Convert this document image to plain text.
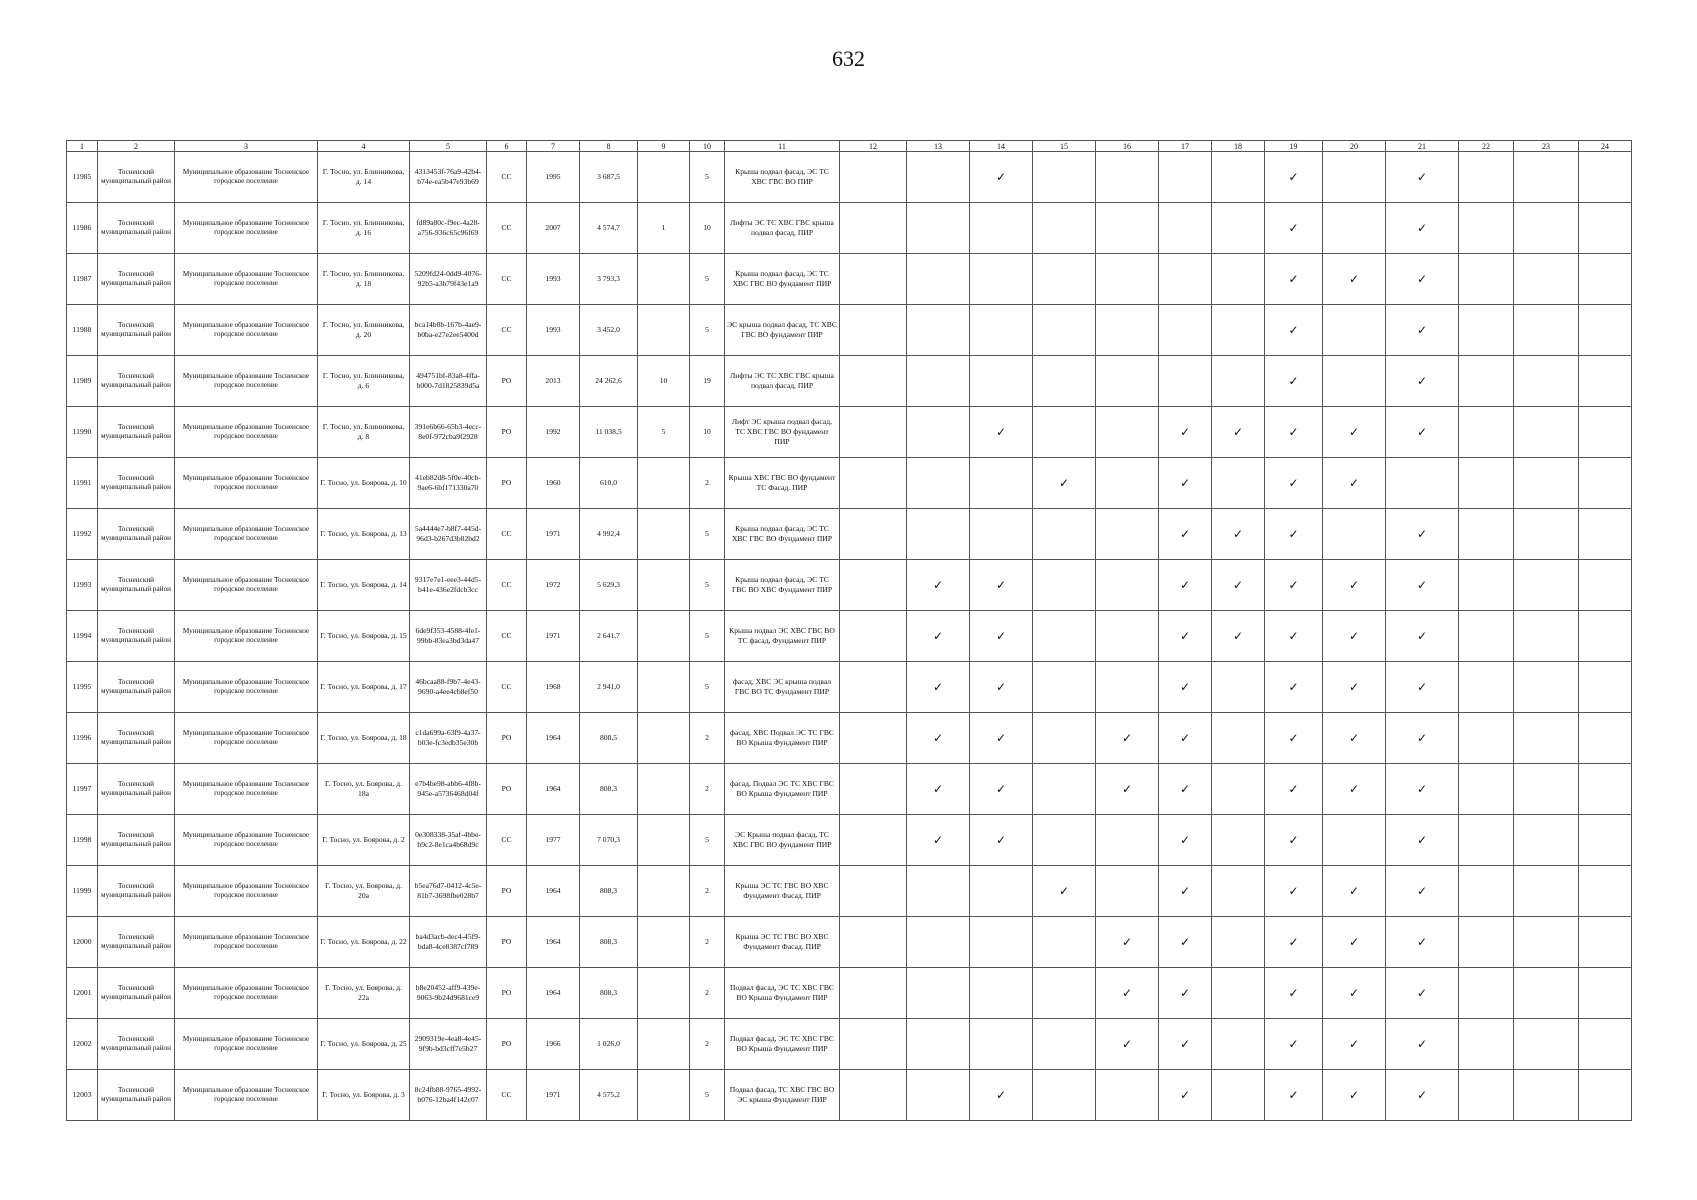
632
1	2	3	4	5	6	7	8	9	10	11	12	13	14	15	16	17	18	19	20	21	22	23	24
11985	Тосненский муниципальный район	Муниципальное образование Тосненское городское поселение	Г. Тосно, ул. Блинникова, д. 14	4313453f-76a9-42b4-b74e-ea5b47e93b69	СС	1995	3 687,5		5	Крыша подвал фасад, ЭС ТС ХВС ГВС ВО ПИР			✓					✓		✓			
11986	Тосненский муниципальный район	Муниципальное образование Тосненское городское поселение	Г. Тосно, ул. Блинникова, д. 16	fd89a80c-f9ec-4a28-a756-936c65c96f69	СС	2007	4 574,7	1	10	Лифты ЭС ТС ХВС ГВС крыша подвал фасад, ПИР								✓		✓			
11987	Тосненский муниципальный район	Муниципальное образование Тосненское городское поселение	Г. Тосно, ул. Блинникова, д. 18	5209fd24-0dd9-4076-92b5-a3b79f43e1a9	СС	1993	3 793,3		5	Крыша подвал фасад, ЭС ТС ХВС ГВС ВО фундамент ПИР								✓	✓	✓			
11988	Тосненский муниципальный район	Муниципальное образование Тосненское городское поселение	Г. Тосно, ул. Блинникова, д. 20	bca14b8b-167b-4ae9-b0ba-e27e2ee5400d	СС	1993	3 452,0		5	ЭС крыша подвал фасад, ТС ХВС ГВС ВО фундамент ПИР								✓		✓			
11989	Тосненский муниципальный район	Муниципальное образование Тосненское городское поселение	Г. Тосно, ул. Блинникова, д. 6	494751bf-83a8-4ffa-b000-7d1825839d5a	РО	2013	24 262,6	10	19	Лифты ЭС ТС ХВС ГВС крыша подвал фасад, ПИР								✓		✓			
11990	Тосненский муниципальный район	Муниципальное образование Тосненское городское поселение	Г. Тосно, ул. Блинникова, д. 8	391e6b66-65b3-4ecc-8e0f-972cba9f2928	РО	1992	11 038,5	5	10	Лифт ЭС крыша подвал фасад, ТС ХВС ГВС ВО фундамент ПИР			✓			✓	✓	✓	✓	✓			
11991	Тосненский муниципальный район	Муниципальное образование Тосненское городское поселение	Г. Тосно, ул. Боярова, д. 10	41eb82d8-5f0e-40cb-9ae6-6bf171330a70	РО	1960	610,0		2	Крыша ХВС ГВС ВО фундамент ТС Фасад. ПИР				✓		✓		✓	✓				
11992	Тосненский муниципальный район	Муниципальное образование Тосненское городское поселение	Г. Тосно, ул. Боярова, д. 13	5a4444e7-b8f7-445d-96d3-b267d3b82bd2	СС	1971	4 992,4		5	Крыша подвал фасад, ЭС ТС ХВС ГВС ВО Фундамент ПИР						✓	✓	✓		✓			
11993	Тосненский муниципальный район	Муниципальное образование Тосненское городское поселение	Г. Тосно, ул. Боярова, д. 14	9317e7e1-eee3-44d5-b41e-436e2fdcb3cc	СС	1972	5 629,3		5	Крыша подвал фасад, ЭС ТС ГВС ВО ХВС Фундамент ПИР		✓	✓			✓	✓	✓	✓	✓			
11994	Тосненский муниципальный район	Муниципальное образование Тосненское городское поселение	Г. Тосно, ул. Боярова, д. 15	6de9f353-4588-4fe1-99bb-83ea3bd3da47	СС	1971	2 641,7		5	Крыша подвал ЭС ХВС ГВС ВО ТС фасад, Фундамент ПИР		✓	✓			✓	✓	✓	✓	✓			
11995	Тосненский муниципальный район	Муниципальное образование Тосненское городское поселение	Г. Тосно, ул. Боярова, д. 17	46bcaa88-f9b7-4e43-9690-a4ee4cb8ef50	СС	1968	2 941,0		5	фасад, ХВС ЭС крыша подвал ГВС ВО ТС Фундамент ПИР		✓	✓			✓		✓	✓	✓			
11996	Тосненский муниципальный район	Муниципальное образование Тосненское городское поселение	Г. Тосно, ул. Боярова, д. 18	c1da699a-63f9-4a37-b03e-fc3edb35e30b	РО	1964	808,5		2	фасад, ХВС Подвал ЭС ТС ГВС ВО Крыша Фундамент ПИР		✓	✓		✓	✓		✓	✓	✓			
11997	Тосненский муниципальный район	Муниципальное образование Тосненское городское поселение	Г. Тосно, ул. Боярова, д. 18а	e7b4be98-abb6-4f8b-945e-a5736468d04f	РО	1964	808,3		2	фасад, Подвал ЭС ТС ХВС ГВС ВО Крыша Фундамент ПИР		✓	✓		✓	✓		✓	✓	✓			
11998	Тосненский муниципальный район	Муниципальное образование Тосненское городское поселение	Г. Тосно, ул. Боярова, д. 2	0e308338-35af-4bbe-b9c2-8e1ca4b68d9c	СС	1977	7 070,3		5	ЭС Крыша подвал фасад, ТС ХВС ГВС ВО фундамент ПИР		✓	✓			✓		✓		✓			
11999	Тосненский муниципальный район	Муниципальное образование Тосненское городское поселение	Г. Тосно, ул. Боярова, д. 20а	b5ea76d7-0412-4c5e-81b7-3698fbe028b7	РО	1964	808,3		2	Крыша ЭС ТС ГВС ВО ХВС Фундамент Фасад. ПИР				✓		✓		✓	✓	✓			
12000	Тосненский муниципальный район	Муниципальное образование Тосненское городское поселение	Г. Тосно, ул. Боярова, д. 22	ba4d3acb-dec4-45f9-bda8-4ce8387cf789	РО	1964	808,3		2	Крыша ЭС ТС ГВС ВО ХВС Фундамент Фасад. ПИР					✓	✓		✓	✓	✓			
12001	Тосненский муниципальный район	Муниципальное образование Тосненское городское поселение	Г. Тосно, ул. Боярова, д. 22а	b8e20452-aff9-439e-9063-9b24d9681ce9	РО	1964	808,3		2	Подвал фасад, ЭС ТС ХВС ГВС ВО Крыша Фундамент ПИР					✓	✓		✓	✓	✓			
12002	Тосненский муниципальный район	Муниципальное образование Тосненское городское поселение	Г. Тосно, ул. Боярова, д. 25	2909319e-4ea8-4e45-9f9b-bd3cff7e5b27	РО	1966	1 026,0		2	Подвал фасад, ЭС ТС ХВС ГВС ВО Крыша Фундамент ПИР					✓	✓		✓	✓	✓			
12003	Тосненский муниципальный район	Муниципальное образование Тосненское городское поселение	Г. Тосно, ул. Боярова, д. 3	8c24fb88-9765-4992-b076-12ba4f142c07	СС	1971	4 575,2		5	Подвал фасад, ТС ХВС ГВС ВО ЭС крыша Фундамент ПИР			✓			✓		✓	✓	✓			
